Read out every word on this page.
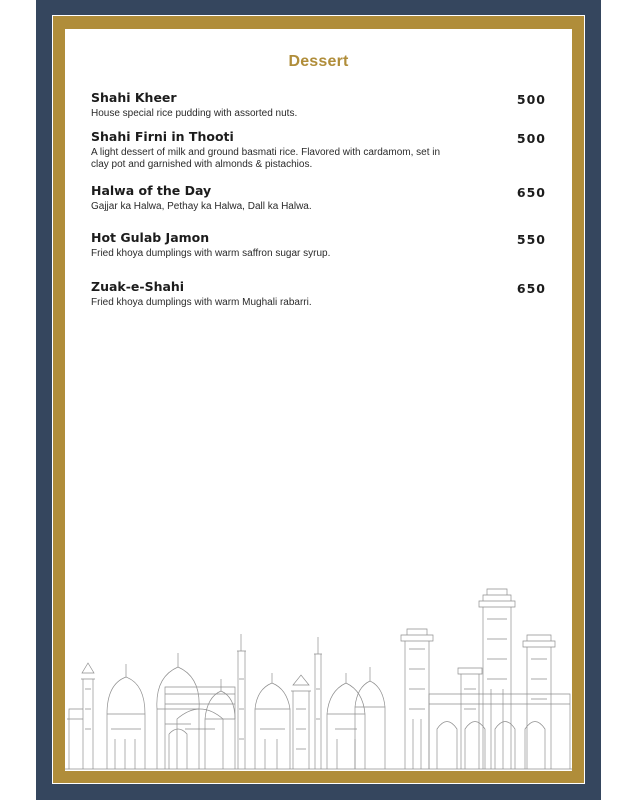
Dessert
Shahi Kheer
House special rice pudding with assorted nuts.
500
Shahi Firni in Thooti
A light dessert of milk and ground basmati rice. Flavored with cardamom, set in clay pot and garnished with almonds & pistachios.
500
Halwa of the Day
Gajjar ka Halwa, Pethay ka Halwa, Dall ka Halwa.
650
Hot Gulab Jamon
Fried khoya dumplings with warm saffron sugar syrup.
550
Zuak-e-Shahi
Fried khoya dumplings with warm Mughali rabarri.
650
